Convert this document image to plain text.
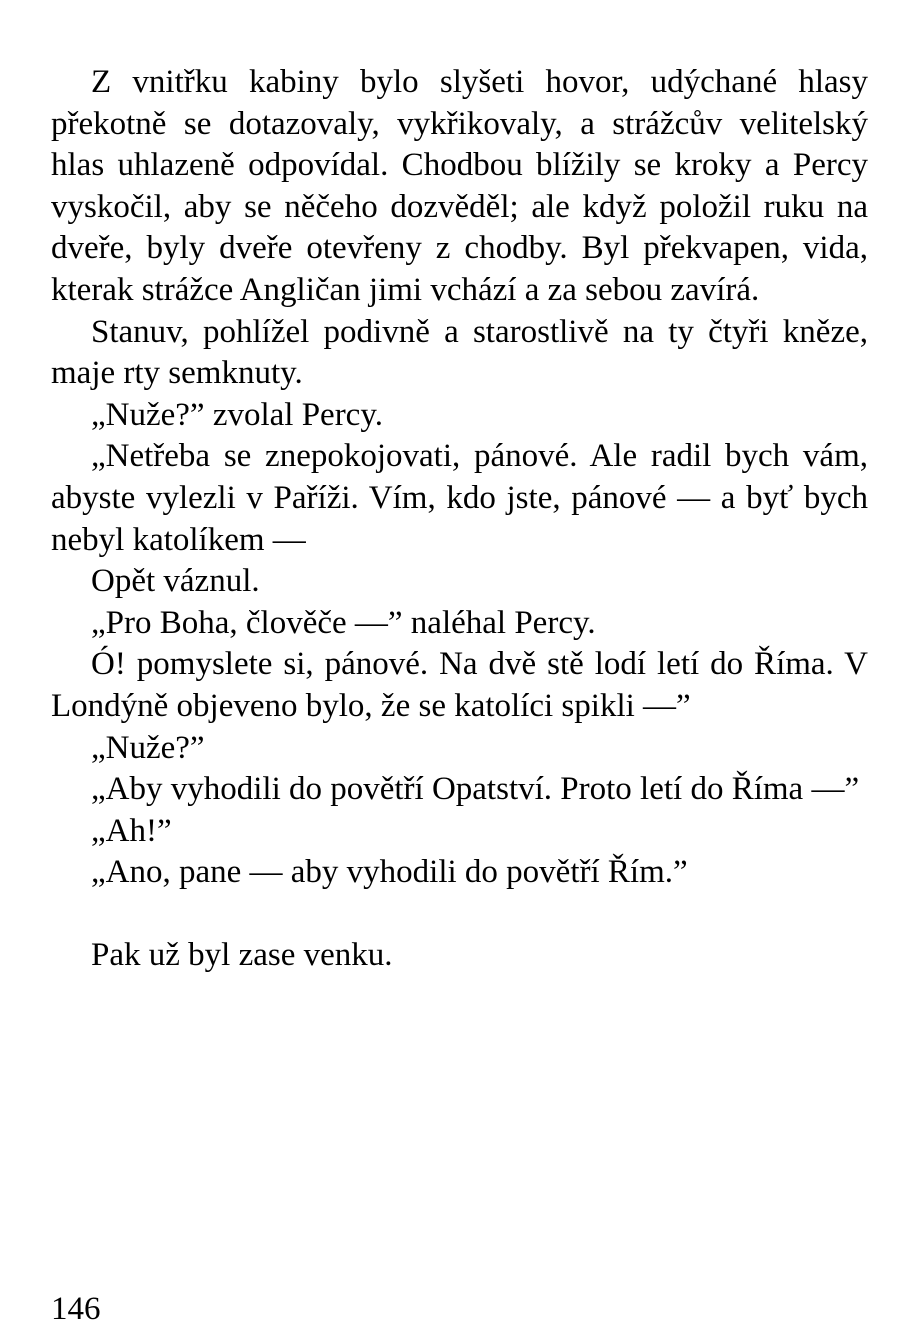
Z vnitřku kabiny bylo slyšeti hovor, udýchané hlasy překotně se dotazovaly, vykřikovaly, a strážcův velitelský hlas uhlazeně odpovídal. Chodbou blížily se kroky a Percy vyskočil, aby se něčeho dozvěděl; ale když položil ruku na dveře, byly dveře otevřeny z chodby. Byl překvapen, vida, kterak strážce Angličan jimi vchází a za sebou zavírá.

Stanuv, pohlížel podivně a starostlivě na ty čtyři kněze, maje rty semknuty.

„Nuže?” zvolal Percy.

„Netřeba se znepokojovati, pánové. Ale radil bych vám, abyste vylezli v Paříži. Vím, kdo jste, pánové — a byť bych nebyl katolíkem —

Opět váznul.

„Pro Boha, člověče —” naléhal Percy.

Ó! pomyslete si, pánové. Na dvě stě lodí letí do Říma. V Londýně objeveno bylo, že se katolíci spikli —”

„Nuže?”

„Aby vyhodili do povětří Opatství. Proto letí do Říma —”

„Ah!”

„Ano, pane — aby vyhodili do povětří Řím.”

Pak už byl zase venku.

146
